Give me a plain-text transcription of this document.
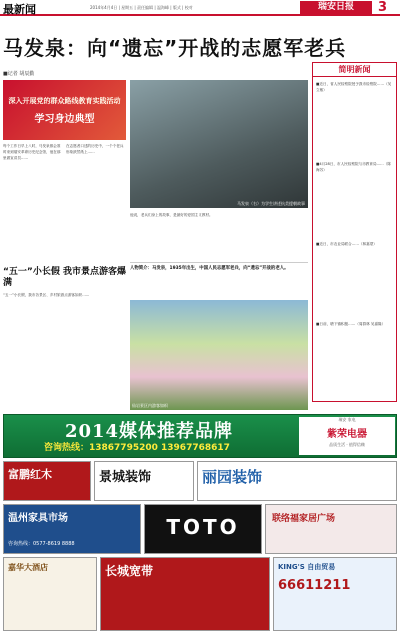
最新闻	2014年4月4日 | 星期五 | 责任编辑 | 温海峰 | 版式 | 校对	瑞安日报	3
马发泉：向“遗忘”开战的志愿军老兵
■记者 胡辰勤
深入开展党的群众路线教育实践活动
学习身边典型
马发泉（右）为学生讲述抗美援朝故事
每个工作日早上八时，马发泉都会准时来到瑞安革命历史纪念馆，他在那里做宣讲员……
在志愿者口述的历史中，一个个老兵形象跃然纸上……
他说，老兵们身上的故事，是最好的爱国主义教材。
人物简介：马发泉，1935年出生，中国人民志愿军老兵，向“遗忘”开战的老人。
“五一”小长假 我市景点游客爆满
“五一”小长假，我市各景区、乡村旅游点游客如织……
仙岩景区内游客如织
简明新闻
■近日，省人民检察院授予我市检察院……（吴立敏）
■4月28日，市人民检察院与市教育局……（陈海苏）
■近日，市农业局联合……（林嘉蒙）
■日前，塘下镇积极……（周群林 吴嘉隆）
2014媒体推荐品牌
咨询热线：13867795200 13967768617
瑞安 家电
紫荣电器
品质生活 · 值得信赖
富鹏红木	景城装饰	丽园装饰
温州家具市场
咨询热线：0577-8619 8888
TOTO	联络福家居广场
嘉华大酒店	长城宽带	KING'S 自由贸易
66611211
